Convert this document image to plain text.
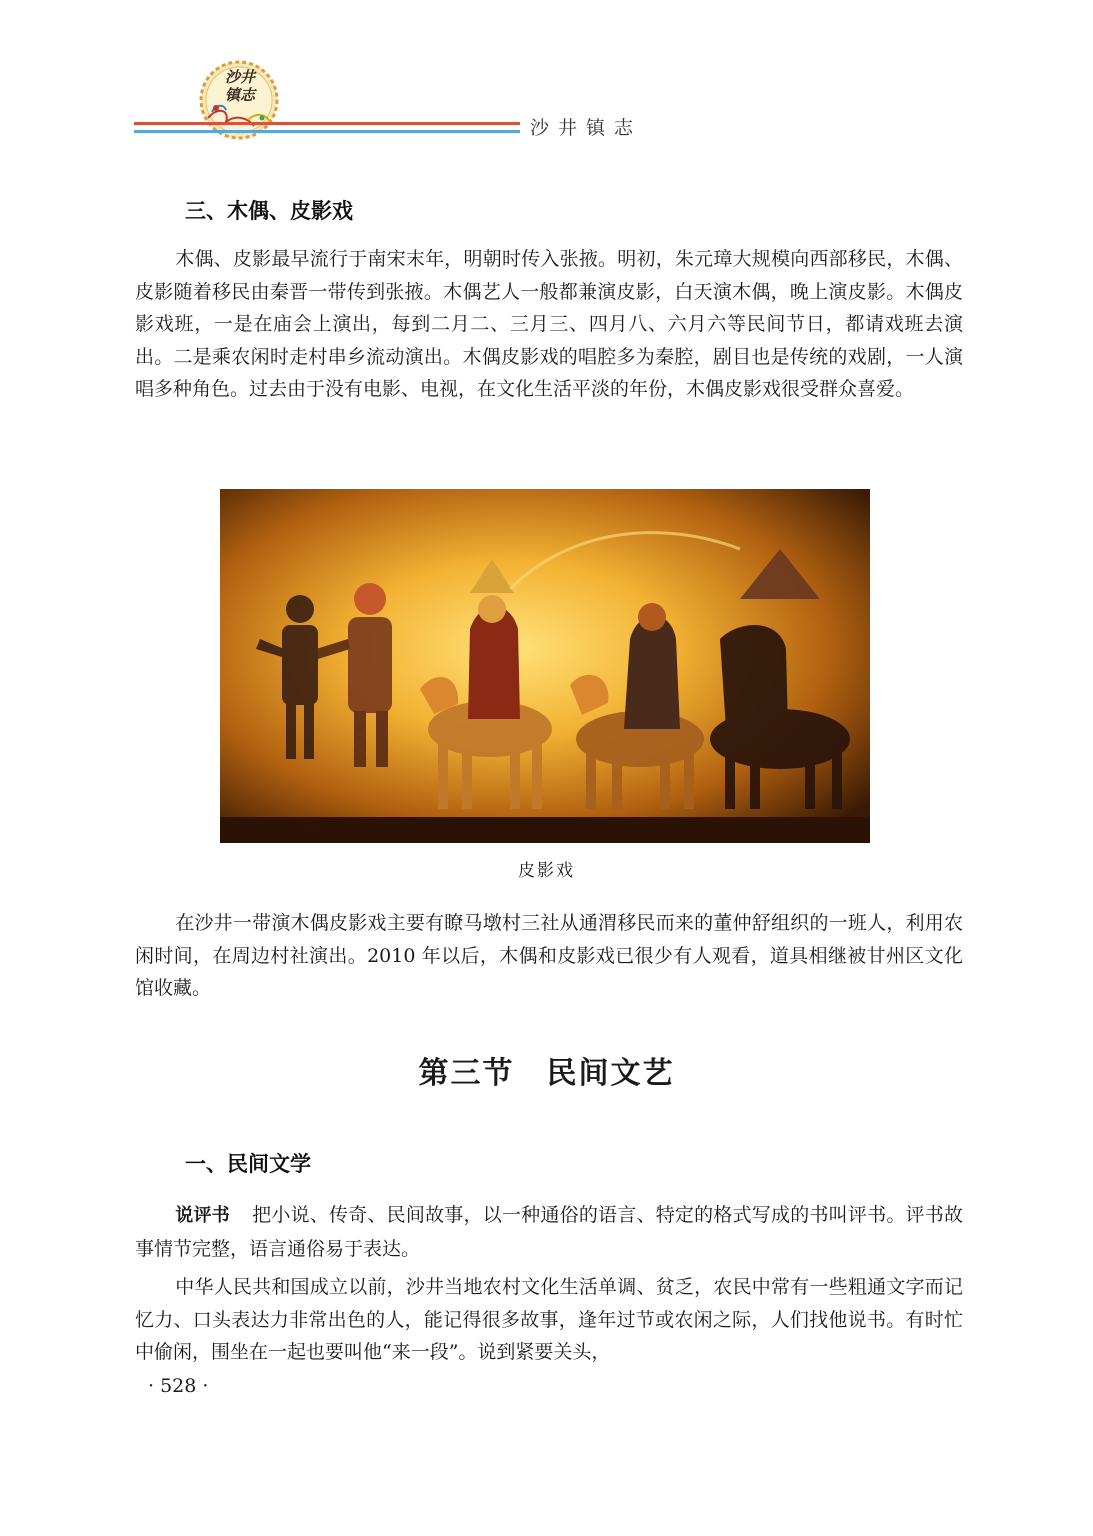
沙井
镇志
沙井镇志
三、木偶、皮影戏

木偶、皮影最早流行于南宋末年，明朝时传入张掖。明初，朱元璋大规模向西部移民，木偶、皮影随着移民由秦晋一带传到张掖。木偶艺人一般都兼演皮影，白天演木偶，晚上演皮影。木偶皮影戏班，一是在庙会上演出，每到二月二、三月三、四月八、六月六等民间节日，都请戏班去演出。二是乘农闲时走村串乡流动演出。木偶皮影戏的唱腔多为秦腔，剧目也是传统的戏剧，一人演唱多种角色。过去由于没有电影、电视，在文化生活平淡的年份，木偶皮影戏很受群众喜爱。

皮影戏

在沙井一带演木偶皮影戏主要有瞭马墩村三社从通渭移民而来的董仲舒组织的一班人，利用农闲时间，在周边村社演出。2010 年以后，木偶和皮影戏已很少有人观看，道具相继被甘州区文化馆收藏。

第三节 民间文艺
一、民间文学

说评书 把小说、传奇、民间故事，以一种通俗的语言、特定的格式写成的书叫评书。评书故事情节完整，语言通俗易于表达。

中华人民共和国成立以前，沙井当地农村文化生活单调、贫乏，农民中常有一些粗通文字而记忆力、口头表达力非常出色的人，能记得很多故事，逢年过节或农闲之际，人们找他说书。有时忙中偷闲，围坐在一起也要叫他“来一段”。说到紧要关头，

· 528 ·
